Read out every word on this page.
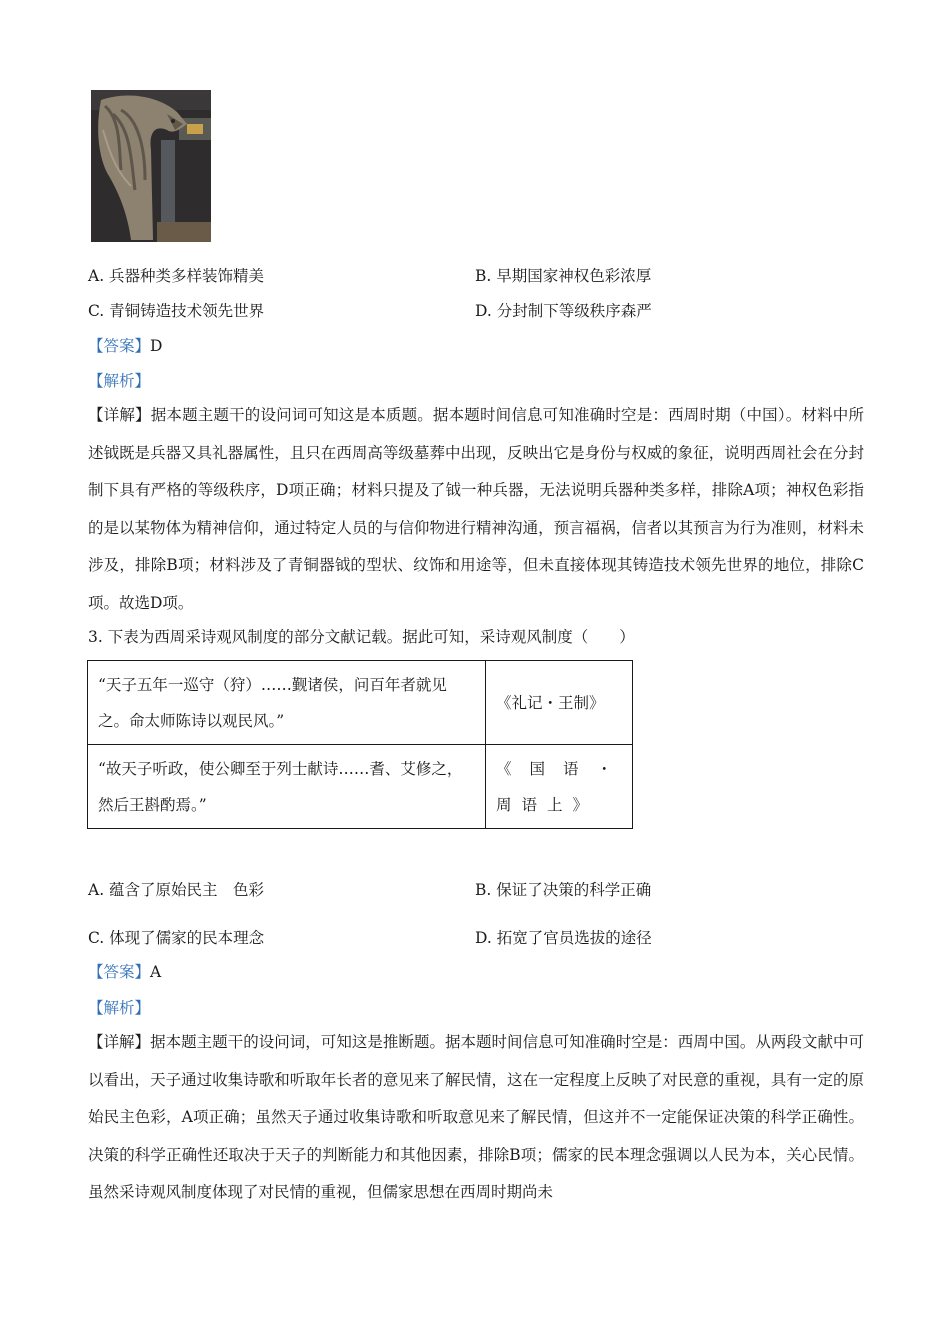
A. 兵器种类多样装饰精美	B. 早期国家神权色彩浓厚
C. 青铜铸造技术领先世界	D. 分封制下等级秩序森严
【答案】D
【解析】

【详解】据本题主题干的设问词可知这是本质题。据本题时间信息可知准确时空是：西周时期（中国）。材料中所述钺既是兵器又具礼器属性，且只在西周高等级墓葬中出现，反映出它是身份与权威的象征，说明西周社会在分封制下具有严格的等级秩序，D项正确；材料只提及了钺一种兵器，无法说明兵器种类多样，排除A项；神权色彩指的是以某物体为精神信仰，通过特定人员的与信仰物进行精神沟通，预言福祸，信者以其预言为行为准则，材料未涉及，排除B项；材料涉及了青铜器钺的型状、纹饰和用途等，但未直接体现其铸造技术领先世界的地位，排除C项。故选D项。

3. 下表为西周采诗观风制度的部分文献记载。据此可知，采诗观风制度（　　）
“天子五年一巡守（狩）……觐诸侯，问百年者就见之。命太师陈诗以观民风。”	《礼记・王制》
“故天子听政，使公卿至于列士献诗……耆、艾修之，然后王斟酌焉。”	《国语・周语上》
A. 蕴含了原始民主　色彩	B. 保证了决策的科学正确
C. 体现了儒家的民本理念	D. 拓宽了官员选拔的途径
【答案】A
【解析】

【详解】据本题主题干的设问词，可知这是推断题。据本题时间信息可知准确时空是：西周中国。从两段文献中可以看出，天子通过收集诗歌和听取年长者的意见来了解民情，这在一定程度上反映了对民意的重视，具有一定的原始民主色彩，A项正确；虽然天子通过收集诗歌和听取意见来了解民情，但这并不一定能保证决策的科学正确性。决策的科学正确性还取决于天子的判断能力和其他因素，排除B项；儒家的民本理念强调以人民为本，关心民情。虽然采诗观风制度体现了对民情的重视，但儒家思想在西周时期尚未
